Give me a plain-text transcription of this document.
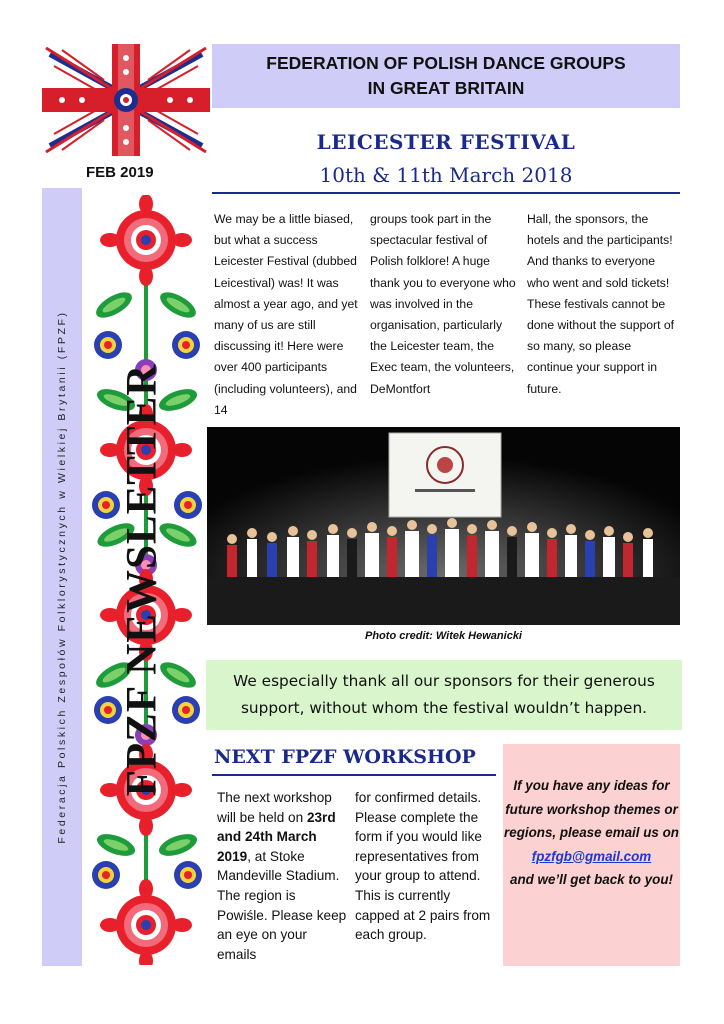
FEDERATION OF POLISH DANCE GROUPS
IN GREAT BRITAIN
FEB 2019
LEICESTER FESTIVAL
10th & 11th March 2018
Federacja Polskich Zespołów Folklorystycznych w Wielkiej Brytanii (FPZF) FPZF NEWSLETTER
We may be a little biased, but what a success Leicester Festival (dubbed Leicestival) was! It was almost a year ago, and yet many of us are still discussing it! Here were over 400 participants (including volunteers), and 14
groups took part in the spectacular festival of Polish folklore! A huge thank you to everyone who was involved in the organisation, particularly the Leicester team, the Exec team, the volunteers, DeMontfort
Hall, the sponsors, the hotels and the participants! And thanks to everyone who went and sold tickets! These festivals cannot be done without the support of so many, so please continue your support in future.
Photo credit: Witek Hewanicki
We especially thank all our sponsors for their generous
support, without whom the festival wouldn’t happen.
NEXT FPZF WORKSHOP
The next workshop will be held on 23rd and 24th March 2019, at Stoke Mandeville Stadium. The region is Powiśle. Please keep an eye on your emails
for confirmed details. Please complete the form if you would like representatives from your group to attend. This is currently capped at 2 pairs from each group.
If you have any ideas for future workshop themes or regions, please email us on
fpzfgb@gmail.com
and we’ll get back to you!
